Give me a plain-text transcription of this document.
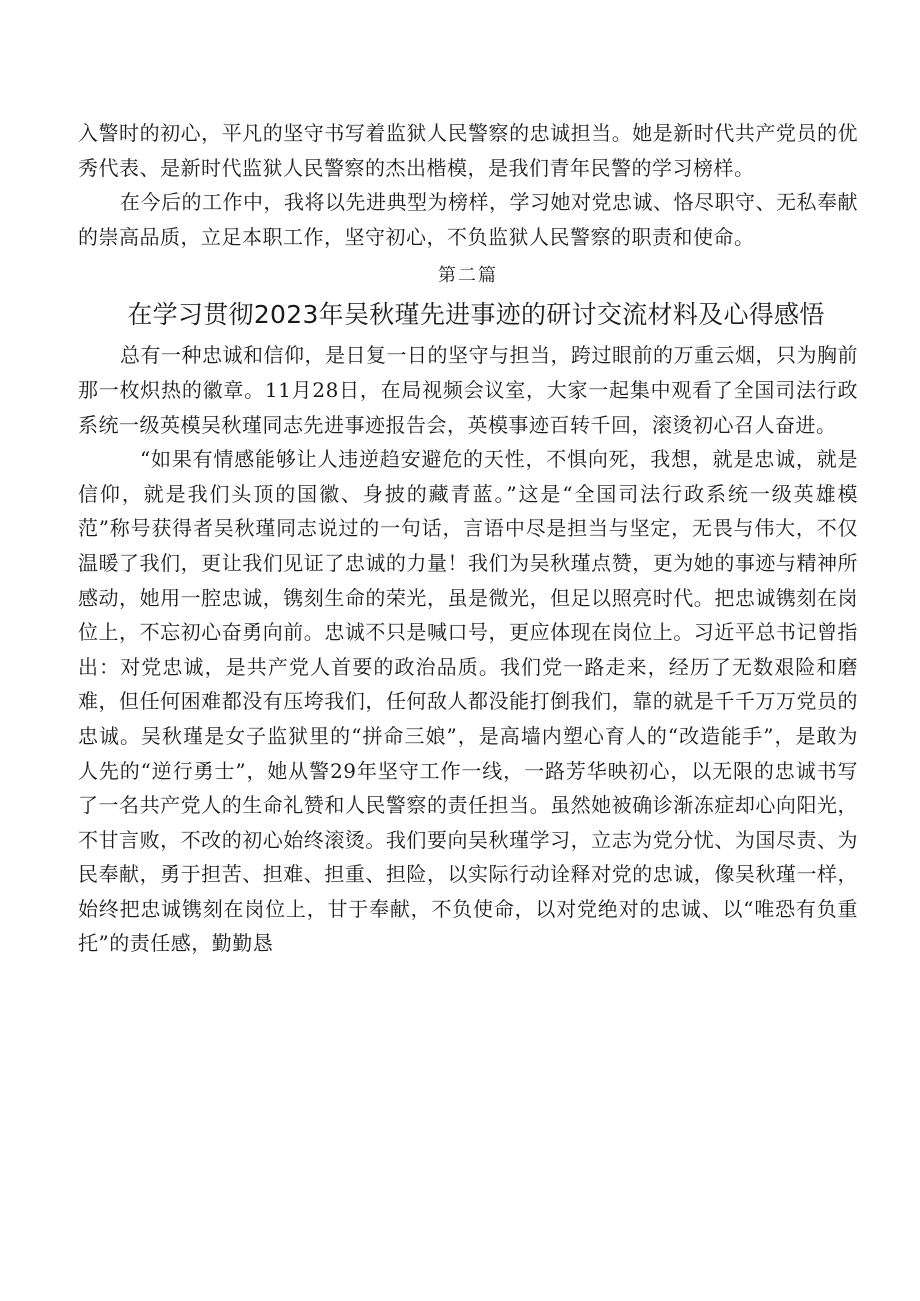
入警时的初心，平凡的坚守书写着监狱人民警察的忠诚担当。她是新时代共产党员的优秀代表、是新时代监狱人民警察的杰出楷模，是我们青年民警的学习榜样。

在今后的工作中，我将以先进典型为榜样，学习她对党忠诚、恪尽职守、无私奉献的崇高品质，立足本职工作，坚守初心，不负监狱人民警察的职责和使命。

第二篇
在学习贯彻2023年吴秋瑾先进事迹的研讨交流材料及心得感悟

总有一种忠诚和信仰，是日复一日的坚守与担当，跨过眼前的万重云烟，只为胸前那一枚炽热的徽章。11月28日，在局视频会议室，大家一起集中观看了全国司法行政系统一级英模吴秋瑾同志先进事迹报告会，英模事迹百转千回，滚烫初心召人奋进。

“如果有情感能够让人违逆趋安避危的天性，不惧向死，我想，就是忠诚，就是信仰，就是我们头顶的国徽、身披的藏青蓝。”这是“全国司法行政系统一级英雄模范”称号获得者吴秋瑾同志说过的一句话，言语中尽是担当与坚定，无畏与伟大，不仅温暖了我们，更让我们见证了忠诚的力量！我们为吴秋瑾点赞，更为她的事迹与精神所感动，她用一腔忠诚，镌刻生命的荣光，虽是微光，但足以照亮时代。把忠诚镌刻在岗位上，不忘初心奋勇向前。忠诚不只是喊口号，更应体现在岗位上。习近平总书记曾指出：对党忠诚，是共产党人首要的政治品质。我们党一路走来，经历了无数艰险和磨难，但任何困难都没有压垮我们，任何敌人都没能打倒我们，靠的就是千千万万党员的忠诚。吴秋瑾是女子监狱里的“拼命三娘”，是高墙内塑心育人的“改造能手”，是敢为人先的“逆行勇士”，她从警29年坚守工作一线，一路芳华映初心，以无限的忠诚书写了一名共产党人的生命礼赞和人民警察的责任担当。虽然她被确诊渐冻症却心向阳光，不甘言败，不改的初心始终滚烫。我们要向吴秋瑾学习，立志为党分忧、为国尽责、为民奉献，勇于担苦、担难、担重、担险，以实际行动诠释对党的忠诚，像吴秋瑾一样，始终把忠诚镌刻在岗位上，甘于奉献，不负使命，以对党绝对的忠诚、以“唯恐有负重托”的责任感，勤勤恳
